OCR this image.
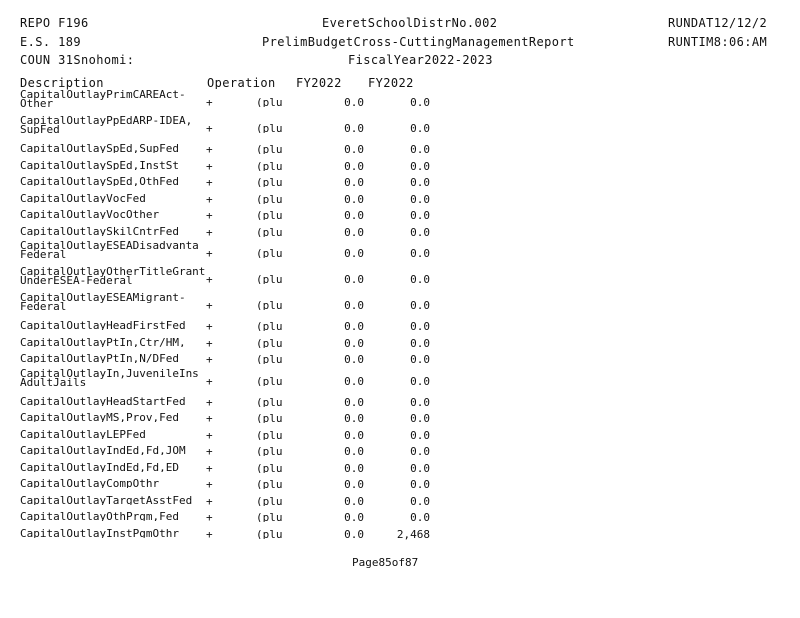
REPO F196
E.S. 189
COUN 31Snohomi:
EveretSchoolDistrNo.002
PrelimBudgetCross-CuttingManagementReport
FiscalYear2022-2023
RUNDAT12/12/2
RUNTIM8:06:AM
Description	Operation	FY2022 FY2022
CapitalOutlayPrimCAREAct-
Other	+	(plu	0.0	0.0
CapitalOutlayPpEdARP-IDEA,
SupFed	+	(plu	0.0	0.0
CapitalOutlaySpEd,SupFed	+	(plu	0.0	0.0
CapitalOutlaySpEd,InstSt	+	(plu	0.0	0.0
CapitalOutlaySpEd,OthFed	+	(plu	0.0	0.0
CapitalOutlayVocFed	+	(plu	0.0	0.0
CapitalOutlayVocOther	+	(plu	0.0	0.0
CapitalOutlaySkilCntrFed	+	(plu	0.0	0.0
CapitalOutlayESEADisadvanta
Federal	+	(plu	0.0	0.0
CapitalOutlayOtherTitleGrant
UnderESEA-Federal	+	(plu	0.0	0.0
CapitalOutlayESEAMigrant-
Federal	+	(plu	0.0	0.0
CapitalOutlayHeadFirstFed	+	(plu	0.0	0.0
CapitalOutlayPtIn,Ctr/HM,	+	(plu	0.0	0.0
CapitalOutlayPtIn,N/DFed	+	(plu	0.0	0.0
CapitalOutlayIn,JuvenileIns
AdultJails	+	(plu	0.0	0.0
CapitalOutlayHeadStartFed	+	(plu	0.0	0.0
CapitalOutlayMS,Prov,Fed	+	(plu	0.0	0.0
CapitalOutlayLEPFed	+	(plu	0.0	0.0
CapitalOutlayIndEd,Fd,JOM	+	(plu	0.0	0.0
CapitalOutlayIndEd,Fd,ED	+	(plu	0.0	0.0
CapitalOutlayCompOthr	+	(plu	0.0	0.0
CapitalOutlayTargetAsstFed	+	(plu	0.0	0.0
CapitalOutlayOthPrgm,Fed	+	(plu	0.0	0.0
CapitalOutlayInstPgmOthr	+	(plu	0.0	2,468
Page85of87
